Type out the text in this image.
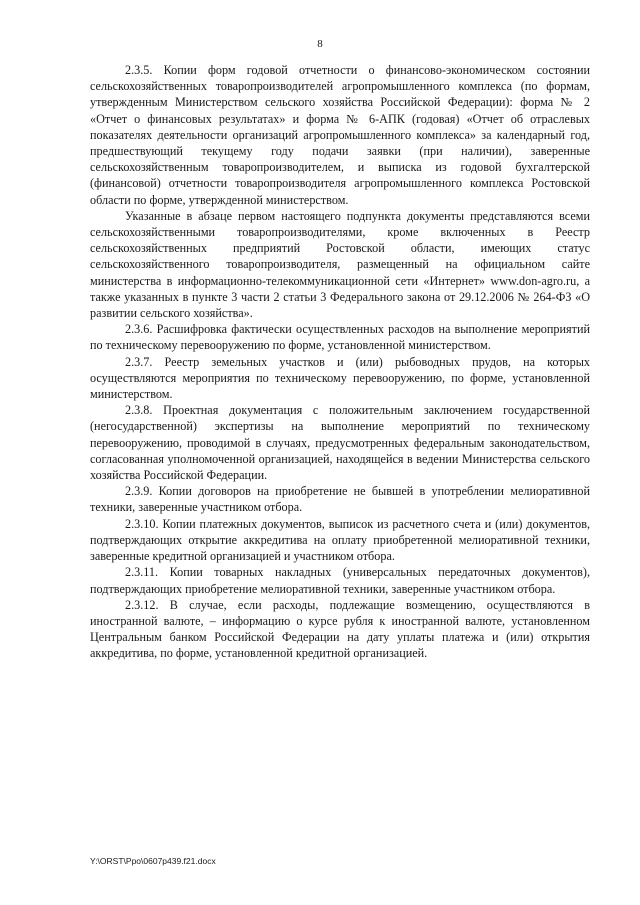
8

2.3.5. Копии форм годовой отчетности о финансово-экономическом состоянии сельскохозяйственных товаропроизводителей агропромышленного комплекса (по формам, утвержденным Министерством сельского хозяйства Российской Федерации): форма № 2 «Отчет о финансовых результатах» и форма № 6-АПК (годовая) «Отчет об отраслевых показателях деятельности организаций агропромышленного комплекса» за календарный год, предшествующий текущему году подачи заявки (при наличии), заверенные сельскохозяйственным товаропроизводителем, и выписка из годовой бухгалтерской (финансовой) отчетности товаропроизводителя агропромышленного комплекса Ростовской области по форме, утвержденной министерством.

Указанные в абзаце первом настоящего подпункта документы представляются всеми сельскохозяйственными товаропроизводителями, кроме включенных в Реестр сельскохозяйственных предприятий Ростовской области, имеющих статус сельскохозяйственного товаропроизводителя, размещенный на официальном сайте министерства в информационно-телекоммуникационной сети «Интернет» www.don-agro.ru, а также указанных в пункте 3 части 2 статьи 3 Федерального закона от 29.12.2006 № 264-ФЗ «О развитии сельского хозяйства».

2.3.6. Расшифровка фактически осуществленных расходов на выполнение мероприятий по техническому перевооружению по форме, установленной министерством.

2.3.7. Реестр земельных участков и (или) рыбоводных прудов, на которых осуществляются мероприятия по техническому перевооружению, по форме, установленной министерством.

2.3.8. Проектная документация с положительным заключением государственной (негосударственной) экспертизы на выполнение мероприятий по техническому перевооружению, проводимой в случаях, предусмотренных федеральным законодательством, согласованная уполномоченной организацией, находящейся в ведении Министерства сельского хозяйства Российской Федерации.

2.3.9. Копии договоров на приобретение не бывшей в употреблении мелиоративной техники, заверенные участником отбора.

2.3.10. Копии платежных документов, выписок из расчетного счета и (или) документов, подтверждающих открытие аккредитива на оплату приобретенной мелиоративной техники, заверенные кредитной организацией и участником отбора.

2.3.11. Копии товарных накладных (универсальных передаточных документов), подтверждающих приобретение мелиоративной техники, заверенные участником отбора.

2.3.12. В случае, если расходы, подлежащие возмещению, осуществляются в иностранной валюте, – информацию о курсе рубля к иностранной валюте, установленном Центральным банком Российской Федерации на дату уплаты платежа и (или) открытия аккредитива, по форме, установленной кредитной организацией.

Y:\ORST\Ppo\0607p439.f21.docx
